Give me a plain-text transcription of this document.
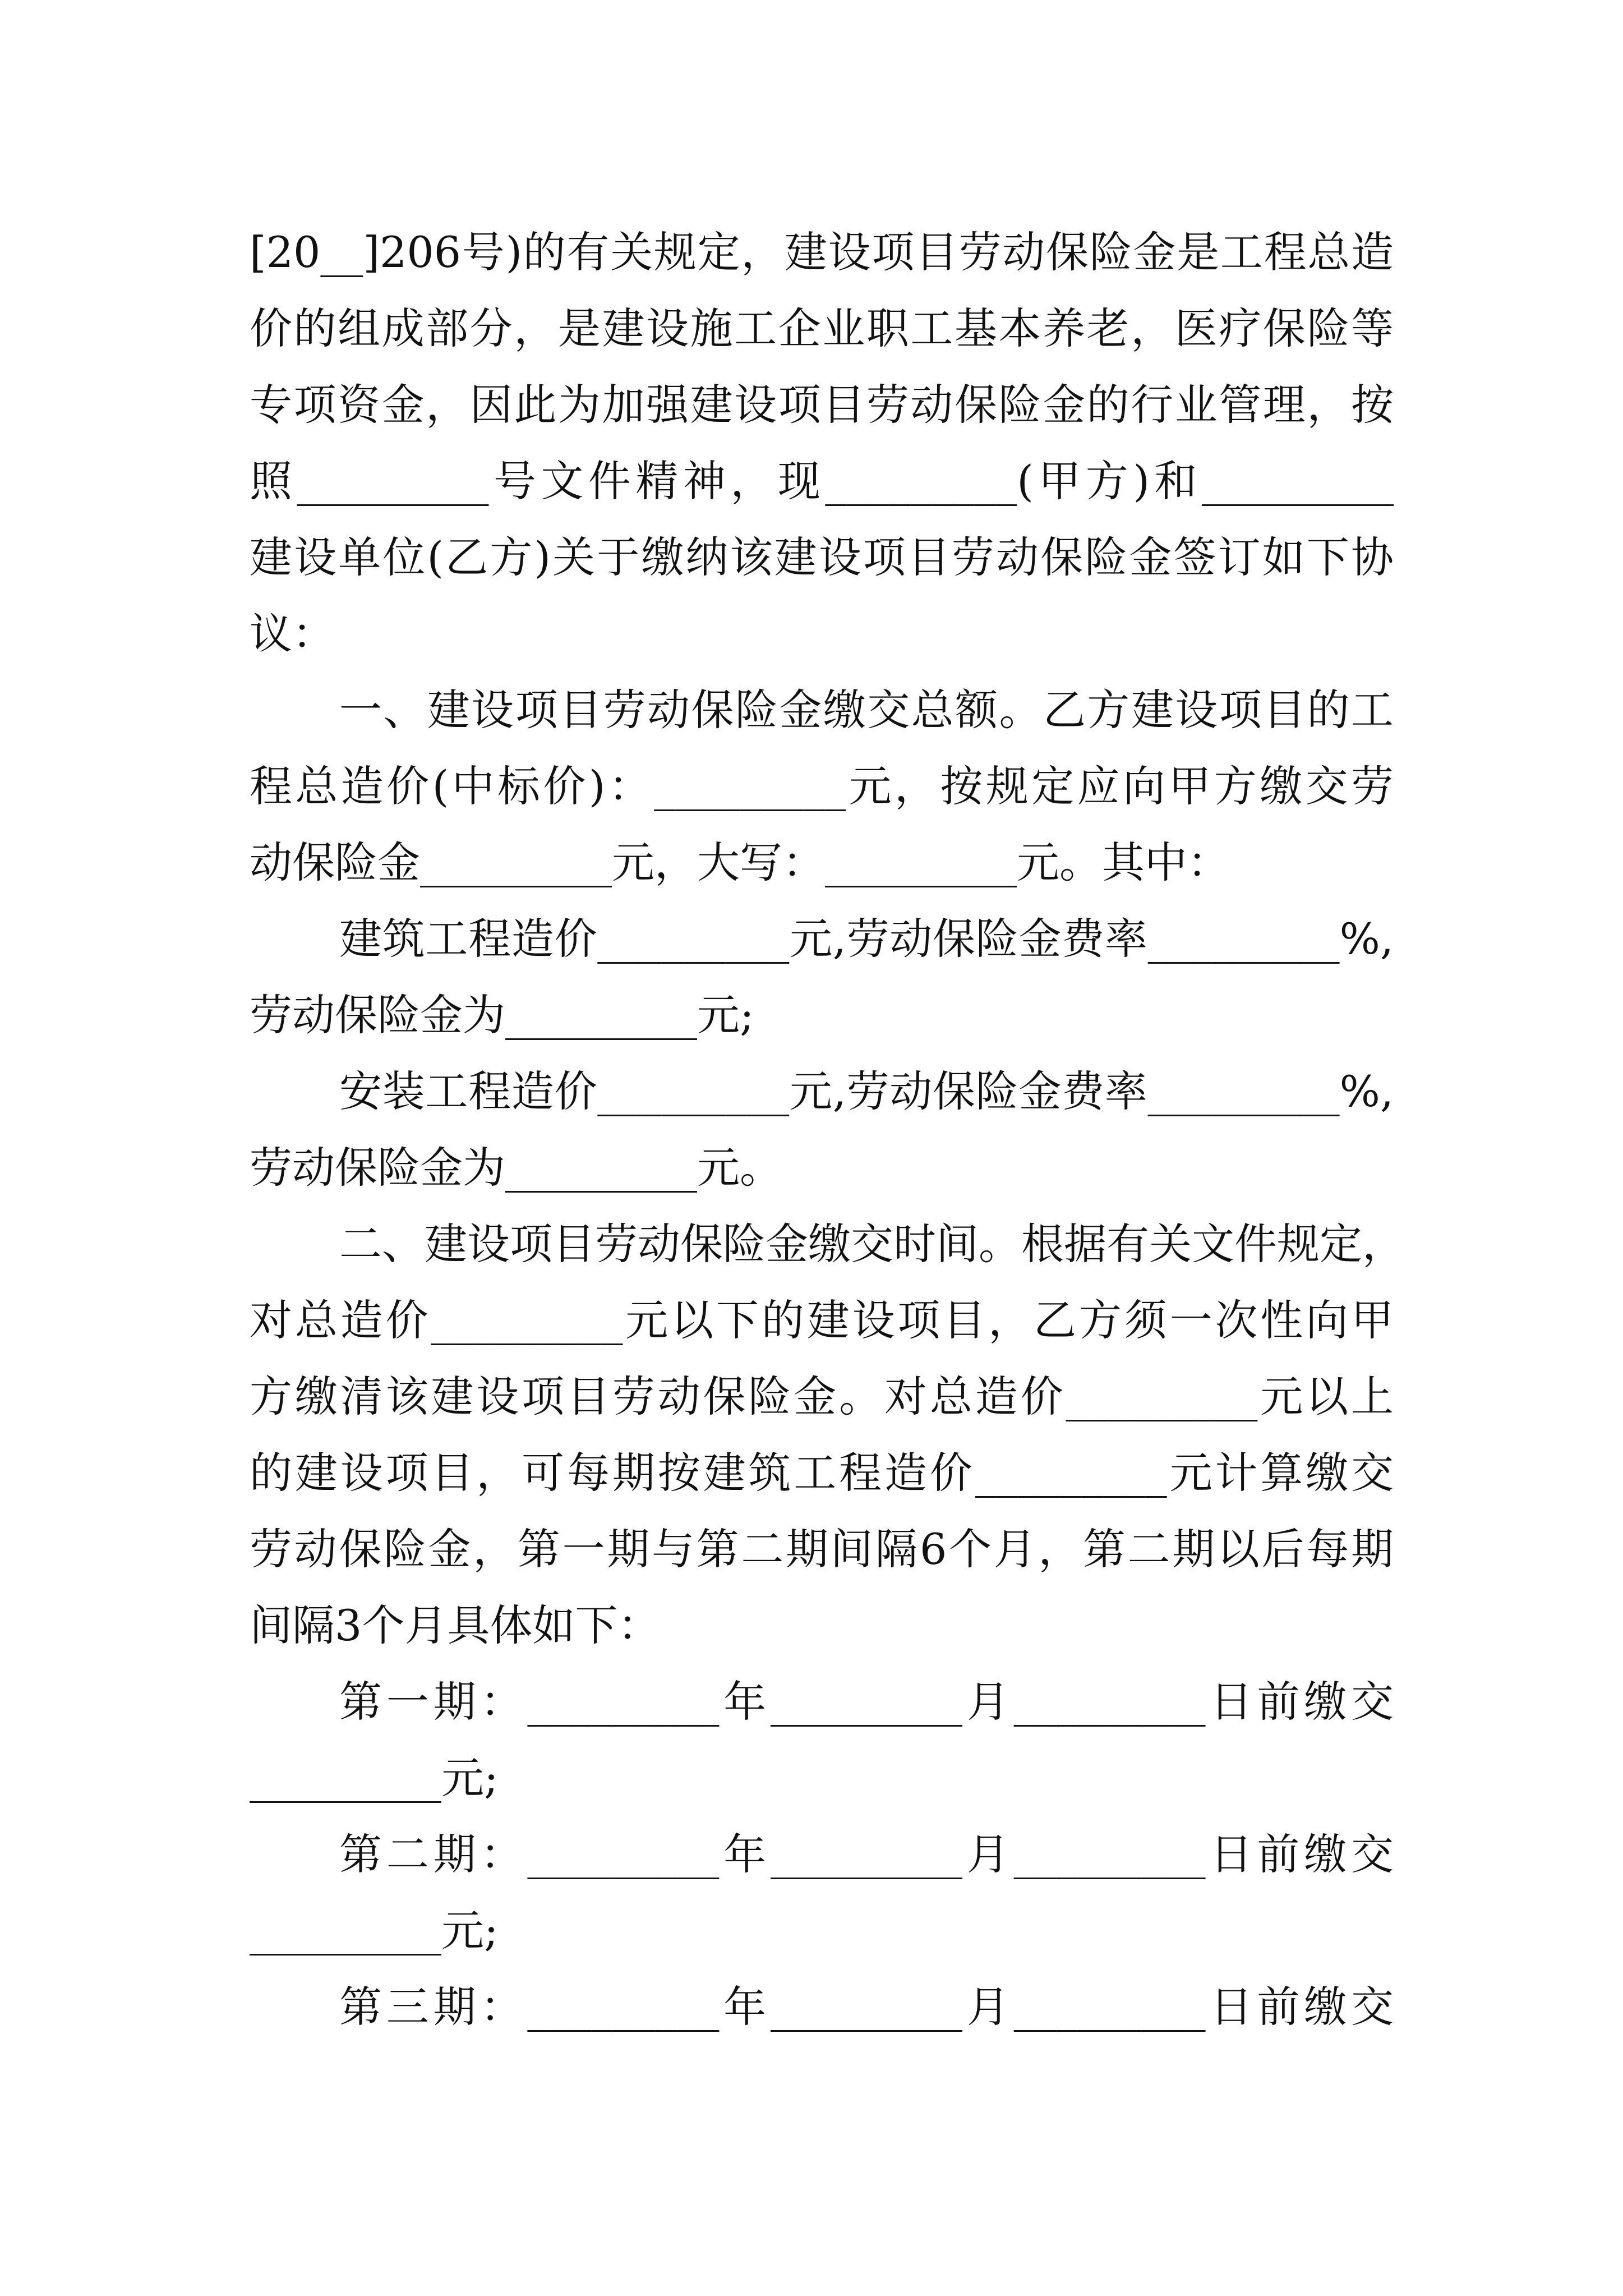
[20__]206号)的有关规定，建设项目劳动保险金是工程总造
价的组成部分，是建设施工企业职工基本养老，医疗保险等
专项资金，因此为加强建设项目劳动保险金的行业管理，按
照_________号文件精神，现_________(甲方)和_________
建设单位(乙方)关于缴纳该建设项目劳动保险金签订如下协
议：
一、建设项目劳动保险金缴交总额。乙方建设项目的工
程总造价(中标价)：_________元，按规定应向甲方缴交劳
动保险金_________元，大写：_________元。其中：
建筑工程造价_________元,劳动保险金费率_________%,
劳动保险金为_________元;
安装工程造价_________元,劳动保险金费率_________%,
劳动保险金为_________元。
二、建设项目劳动保险金缴交时间。根据有关文件规定，
对总造价_________元以下的建设项目，乙方须一次性向甲
方缴清该建设项目劳动保险金。对总造价_________元以上
的建设项目，可每期按建筑工程造价_________元计算缴交
劳动保险金，第一期与第二期间隔6个月，第二期以后每期
间隔3个月具体如下：
第一期：_________年_________月_________日前缴交
_________元;
第二期：_________年_________月_________日前缴交
_________元;
第三期：_________年_________月_________日前缴交
